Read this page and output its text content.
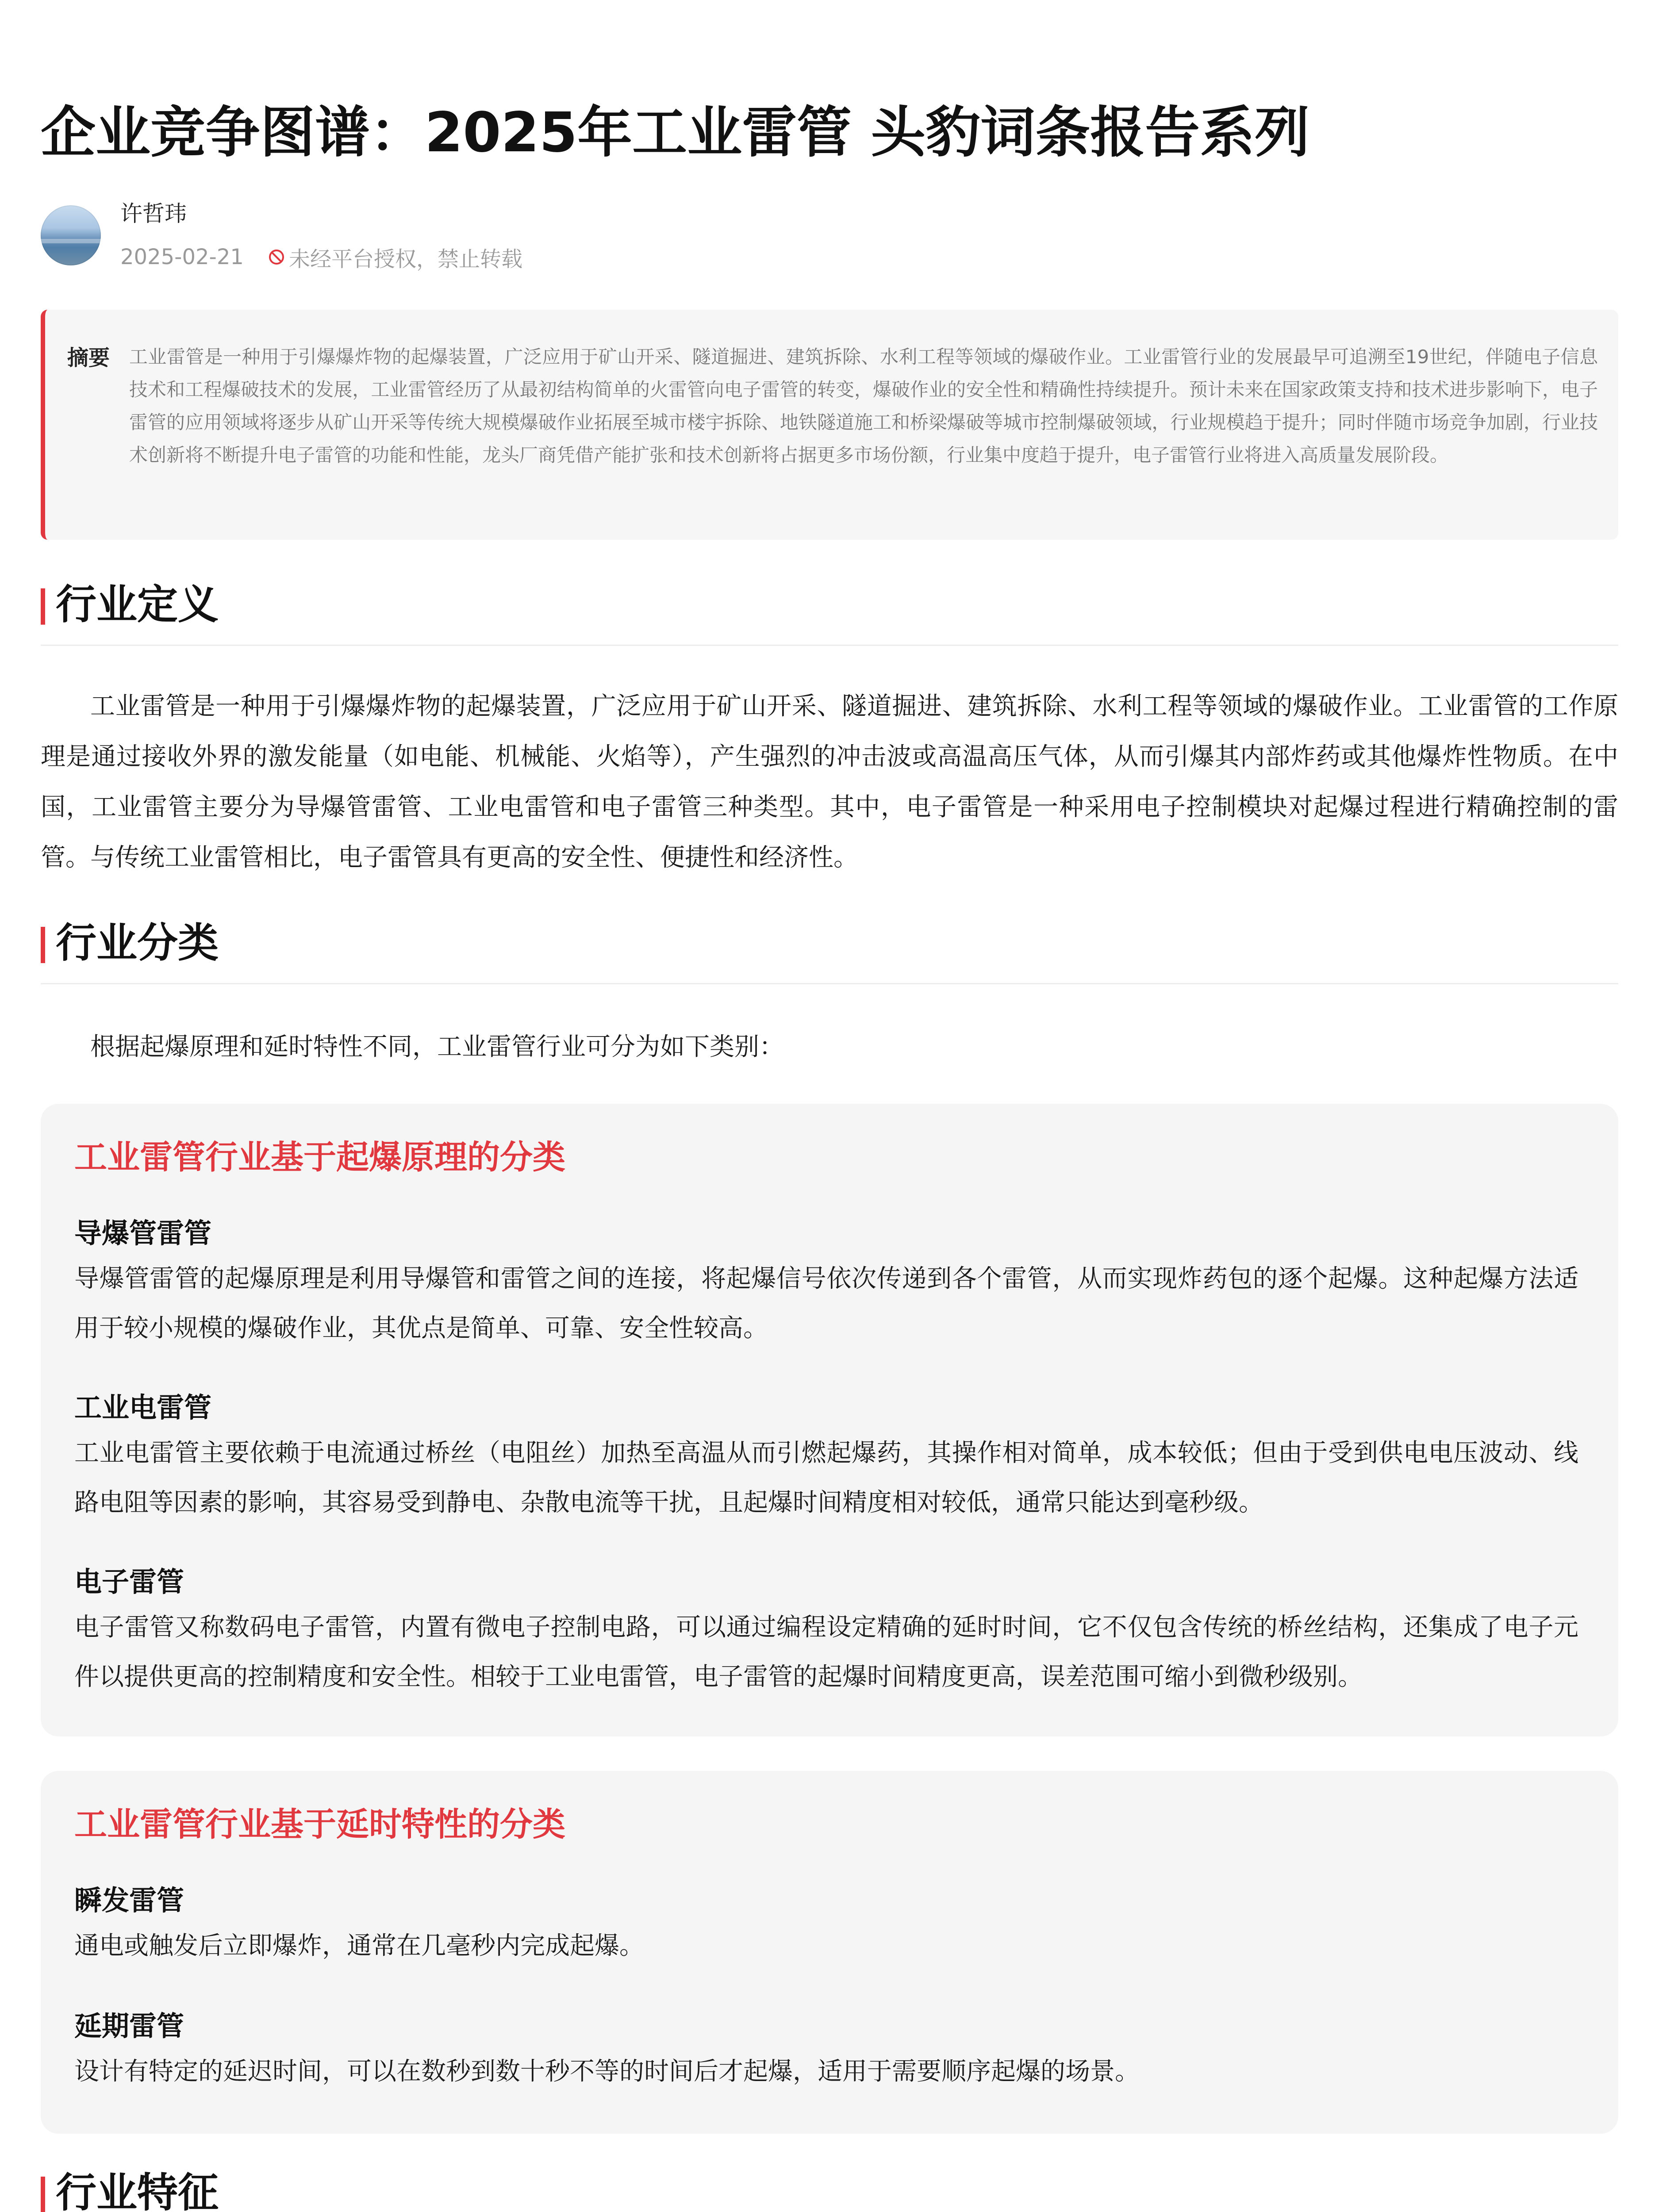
企业竞争图谱：2025年工业雷管 头豹词条报告系列
许哲玮
2025-02-21 未经平台授权，禁止转载
摘要 工业雷管是一种用于引爆爆炸物的起爆装置，广泛应用于矿山开采、隧道掘进、建筑拆除、水利工程等领域的爆破作业。工业雷管行业的发展最早可追溯至19世纪，伴随电子信息技术和工程爆破技术的发展，工业雷管经历了从最初结构简单的火雷管向电子雷管的转变，爆破作业的安全性和精确性持续提升。预计未来在国家政策支持和技术进步影响下，电子雷管的应用领域将逐步从矿山开采等传统大规模爆破作业拓展至城市楼宇拆除、地铁隧道施工和桥梁爆破等城市控制爆破领域，行业规模趋于提升；同时伴随市场竞争加剧，行业技术创新将不断提升电子雷管的功能和性能，龙头厂商凭借产能扩张和技术创新将占据更多市场份额，行业集中度趋于提升，电子雷管行业将进入高质量发展阶段。
行业定义
工业雷管是一种用于引爆爆炸物的起爆装置，广泛应用于矿山开采、隧道掘进、建筑拆除、水利工程等领域的爆破作业。工业雷管的工作原理是通过接收外界的激发能量（如电能、机械能、火焰等），产生强烈的冲击波或高温高压气体，从而引爆其内部炸药或其他爆炸性物质。在中国，工业雷管主要分为导爆管雷管、工业电雷管和电子雷管三种类型。其中，电子雷管是一种采用电子控制模块对起爆过程进行精确控制的雷管。与传统工业雷管相比，电子雷管具有更高的安全性、便捷性和经济性。
行业分类
根据起爆原理和延时特性不同，工业雷管行业可分为如下类别：
工业雷管行业基于起爆原理的分类
导爆管雷管
导爆管雷管的起爆原理是利用导爆管和雷管之间的连接，将起爆信号依次传递到各个雷管，从而实现炸药包的逐个起爆。这种起爆方法适用于较小规模的爆破作业，其优点是简单、可靠、安全性较高。
工业电雷管
工业电雷管主要依赖于电流通过桥丝（电阻丝）加热至高温从而引燃起爆药，其操作相对简单，成本较低；但由于受到供电电压波动、线路电阻等因素的影响，其容易受到静电、杂散电流等干扰，且起爆时间精度相对较低，通常只能达到毫秒级。
电子雷管
电子雷管又称数码电子雷管，内置有微电子控制电路，可以通过编程设定精确的延时时间，它不仅包含传统的桥丝结构，还集成了电子元件以提供更高的控制精度和安全性。相较于工业电雷管，电子雷管的起爆时间精度更高，误差范围可缩小到微秒级别。
工业雷管行业基于延时特性的分类
瞬发雷管
通电或触发后立即爆炸，通常在几毫秒内完成起爆。
延期雷管
设计有特定的延迟时间，可以在数秒到数十秒不等的时间后才起爆，适用于需要顺序起爆的场景。
行业特征
